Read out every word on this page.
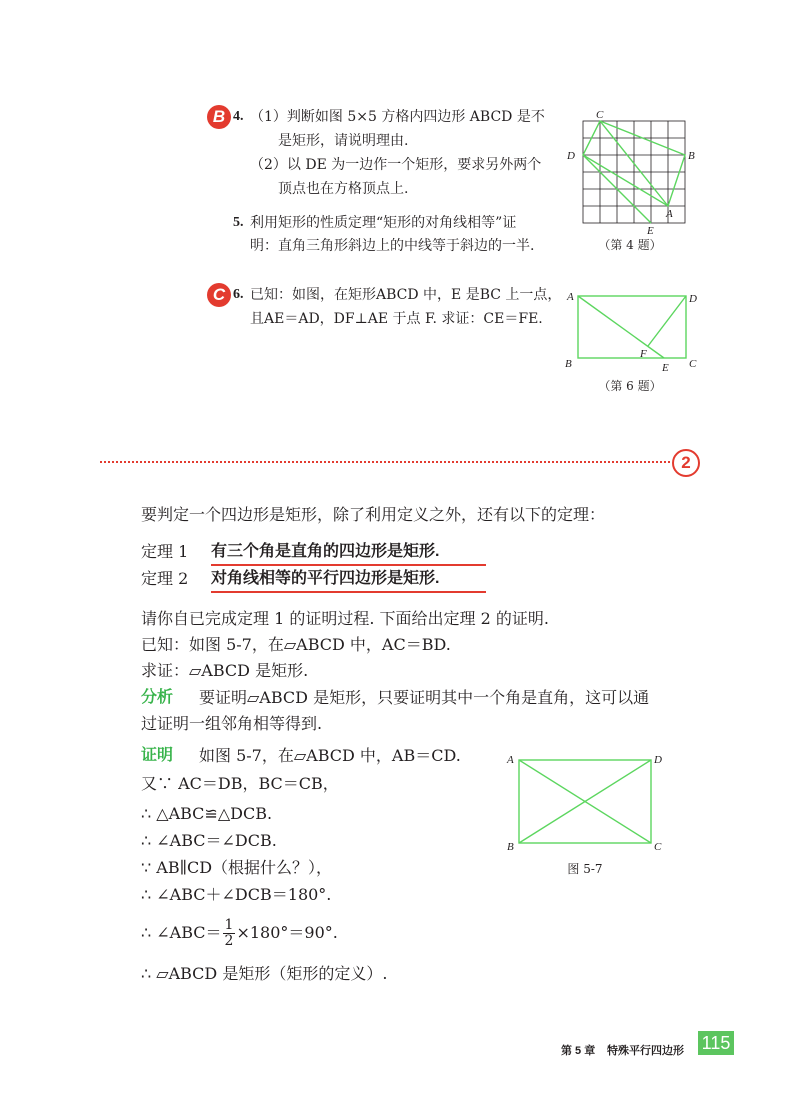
B 4. （1）判断如图 5×5 方格内四边形 ABCD 是不
是矩形，请说明理由.
（2）以 DE 为一边作一个矩形，要求另外两个
顶点也在方格顶点上.
C
D	B
A
E
（第 4 题）
5. 利用矩形的性质定理“矩形的对角线相等”证
明：直角三角形斜边上的中线等于斜边的一半.
C 6. 已知：如图，在矩形ABCD 中，E 是BC 上一点，
且AE＝AD，DF⊥AE 于点 F. 求证：CE＝FE.
A	D
B
F
E C
（第 6 题）
2
要判定一个四边形是矩形，除了利用定义之外，还有以下的定理：
定理 1 有三个角是直角的四边形是矩形.
定理 2 对角线相等的平行四边形是矩形.
请你自已完成定理 1 的证明过程. 下面给出定理 2 的证明.
已知：如图 5-7，在▱ABCD 中，AC＝BD.
求证：▱ABCD 是矩形.
分析 要证明▱ABCD 是矩形，只要证明其中一个角是直角，这可以通
过证明一组邻角相等得到.
证明 如图 5-7，在▱ABCD 中，AB＝CD.
又∵ AC＝DB，BC＝CB，
∴ △ABC≌△DCB.
∴ ∠ABC＝∠DCB.
∵ AB∥CD（根据什么？），
∴ ∠ABC＋∠DCB＝180°.
∴ ∠ABC＝ $\frac{1}{2} \times 180^\circ=90^\circ$.
∴ ▱ABCD 是矩形（矩形的定义）.
A	D
B	C
图 5-7
第 5 章 特殊平行四边形 115
